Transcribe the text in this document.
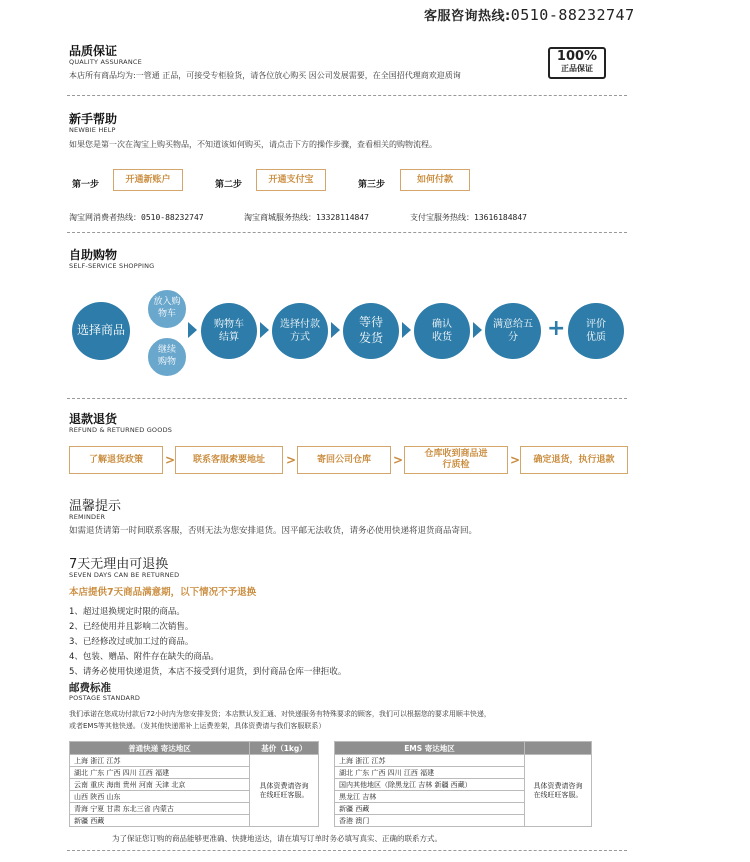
客服咨询热线:0510-88232747
品质保证
QUALITY ASSURANCE
本店所有商品均为:一管通 正品，可接受专柜验货，请各位放心购买 因公司发展需要，在全国招代理商欢迎质询
100%
正品保证
新手帮助
NEWBIE HELP
如果您是第一次在淘宝上购买物品，不知道该如何购买，请点击下方的操作步骤，查看相关的购物流程。
第一步	开通新账户	第二步	开通支付宝	第三步	如何付款
淘宝网消费者热线：0510-88232747	淘宝商城服务热线：13328114847	支付宝服务热线：13616184847
自助购物
SELF-SERVICE SHOPPING
选择商品
放入购物车
继续购物
购物车结算
选择付款方式
等待发货
确认收货
满意给五分	+ 评价优质
退款退货
REFUND & RETURNED GOODS
了解退货政策	>	联系客服索要地址	>	寄回公司仓库	>	仓库收到商品进行质检	>	确定退货，执行退款
温馨提示
REMINDER
如需退货请第一时间联系客服，否则无法为您安排退货。因平邮无法收货，请务必使用快递将退货商品寄回。
7天无理由可退换
SEVEN DAYS CAN BE RETURNED
本店提供7天商品满意期，以下情况不予退换
1、超过退换规定时限的商品。
2、已经使用并且影响二次销售。
3、已经修改过或加工过的商品。
4、包装、赠品、附件存在缺失的商品。
5、请务必使用快递退货，本店不接受到付退货，到付商品仓库一律拒收。
邮费标准
POSTAGE STANDARD
我们承诺在您成功付款后72小时内为您安排发货；本店默认发汇通、对快递服务有特殊要求的顾客，我们可以根据您的要求用顺丰快递，
或者EMS等其他快递。（发其他快递需补上运费差架，具体资费请与我们客服联系）
普通快递 寄达地区	基价（1kg）
上海 浙江 江苏	具体资费请咨询在线旺旺客服。

湖北 广东 广西 四川 江西 福建	
云南 重庆 海南 贵州 河南 天津 北京	
山西 陕西 山东	
青海 宁夏 甘肃 东北三省 内蒙古	
新疆 西藏	
EMS 寄达地区	
上海 浙江 江苏	具体资费请咨询在线旺旺客服。

湖北 广东 广西 四川 江西 福建	
国内其他地区（除黑龙江 吉林 新疆 西藏）	
黑龙江 吉林	
新疆 西藏	
香港 澳门	
为了保证您订购的商品能够更准确、快捷地送达，请在填写订单时务必填写真实、正确的联系方式。
